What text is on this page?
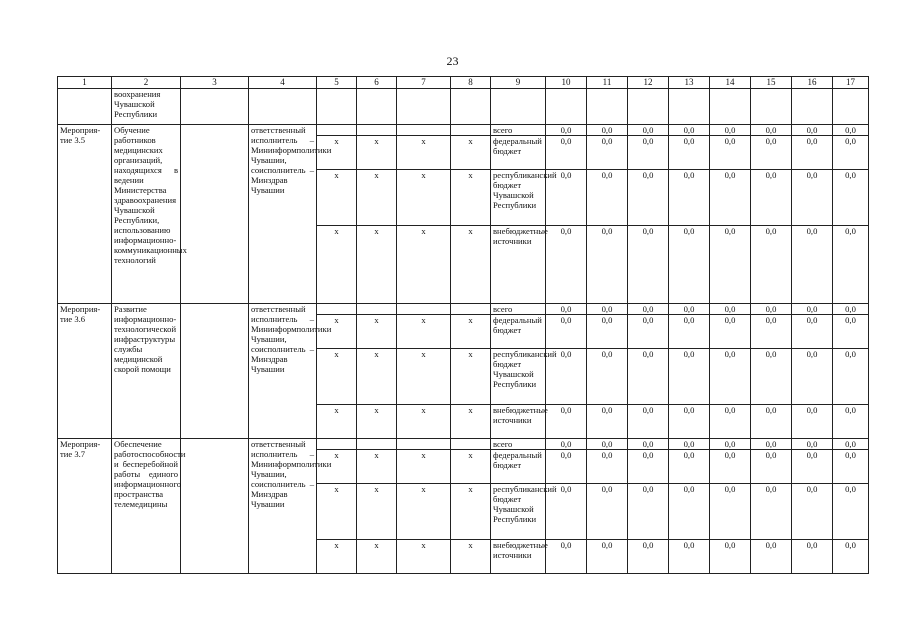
23
1	2	3	4	5	6	7	8	9	10	11	12	13	14	15	16	17
	воохранения Чувашской Республики															
Мероприя-тие 3.5	Обучение работников медицинских организаций, находящихся в ведении Министерства здравоохранения Чувашской Республики, использованию информационно-коммуникационных технологий		ответственный исполнитель – Мининформполитики Чувашии, соисполнитель – Минздрав Чувашии					всего	0,0	0,0	0,0	0,0	0,0	0,0	0,0	0,0
				х	х	х	х	федеральный бюджет	0,0	0,0	0,0	0,0	0,0	0,0	0,0	0,0
				х	х	х	х	республиканский бюджет Чувашской Республики	0,0	0,0	0,0	0,0	0,0	0,0	0,0	0,0
				х	х	х	х	внебюджетные источники	0,0	0,0	0,0	0,0	0,0	0,0	0,0	0,0
Мероприя-тие 3.6	Развитие информационно-технологической инфраструктуры службы медицинской скорой помощи		ответственный исполнитель – Мининформполитики Чувашии, соисполнитель – Минздрав Чувашии					всего	0,0	0,0	0,0	0,0	0,0	0,0	0,0	0,0
				х	х	х	х	федеральный бюджет	0,0	0,0	0,0	0,0	0,0	0,0	0,0	0,0
				х	х	х	х	республиканский бюджет Чувашской Республики	0,0	0,0	0,0	0,0	0,0	0,0	0,0	0,0
				х	х	х	х	внебюджетные источники	0,0	0,0	0,0	0,0	0,0	0,0	0,0	0,0
Мероприя-тие 3.7	Обеспечение работоспособности и бесперебойной работы единого информационного пространства телемедицины		ответственный исполнитель – Мининформполитики Чувашии, соисполнитель – Минздрав Чувашии					всего	0,0	0,0	0,0	0,0	0,0	0,0	0,0	0,0
				х	х	х	х	федеральный бюджет	0,0	0,0	0,0	0,0	0,0	0,0	0,0	0,0
				х	х	х	х	республиканский бюджет Чувашской Республики	0,0	0,0	0,0	0,0	0,0	0,0	0,0	0,0
				х	х	х	х	внебюджетные источники	0,0	0,0	0,0	0,0	0,0	0,0	0,0	0,0
